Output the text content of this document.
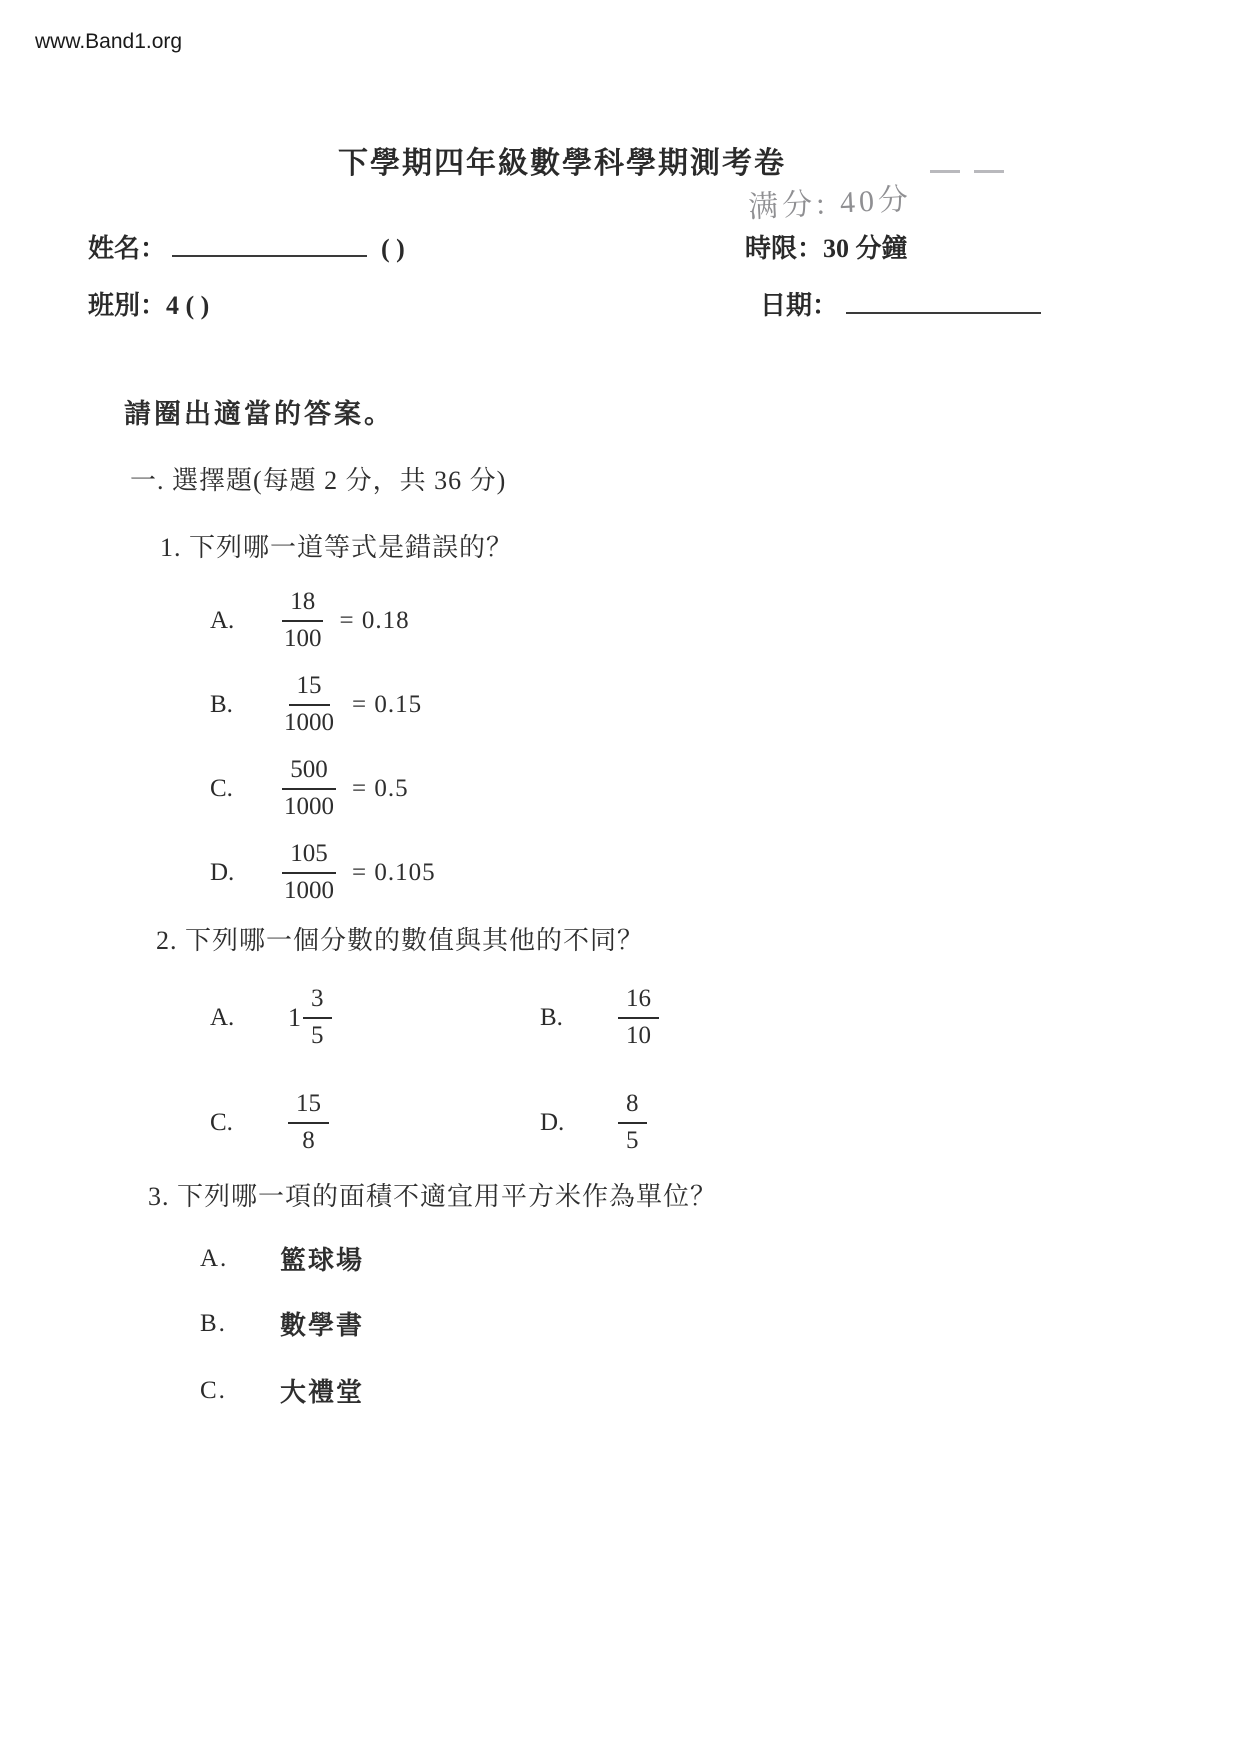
www.Band1.org
下學期四年級數學科學期測考卷
满分: 40分
姓名：	( )	時限：30 分鐘
班別：4 ( )	日期：
請圈出適當的答案。
一. 選擇題(每題 2 分，共 36 分)
1. 下列哪一道等式是錯誤的？
A.	$\frac{18}{100} = 0.18$
B.	$\frac{15}{1000} = 0.15$
C.	$\frac{500}{1000} = 0.5$
D.	$\frac{105}{1000} = 0.105$
2. 下列哪一個分數的數值與其他的不同？
A.	$1 \frac{3}{5}$	B.	$\frac{16}{10}$
C.	$\frac{15}{8}$	D.	$\frac{8}{5}$
3. 下列哪一項的面積不適宜用平方米作為單位？
A.	籃球場
B.	數學書
C.	大禮堂
